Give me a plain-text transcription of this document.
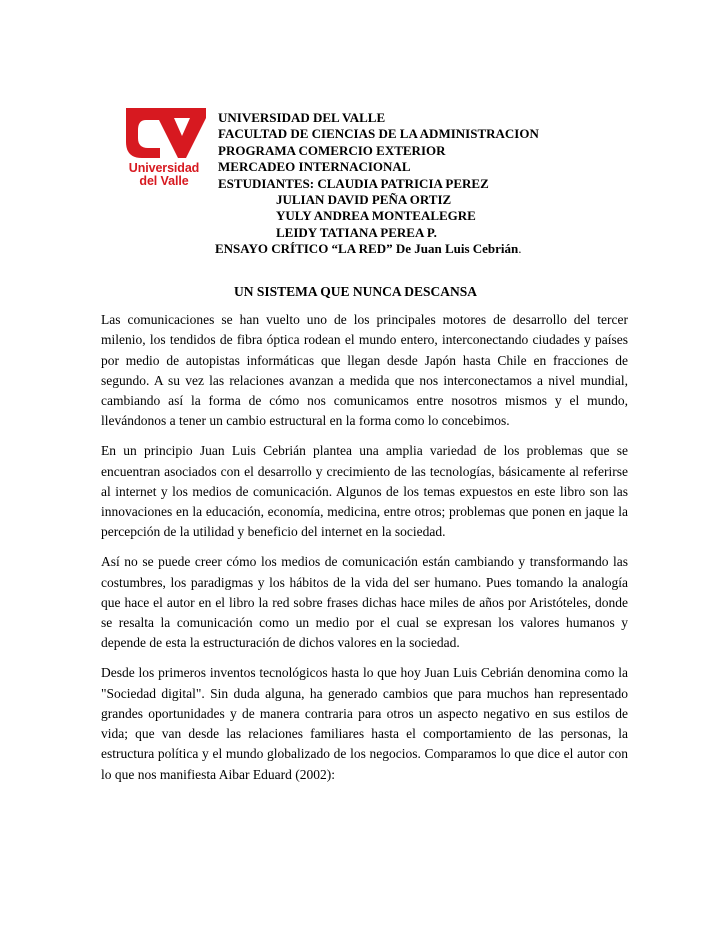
Universidad
del Valle
UNIVERSIDAD DEL VALLE
FACULTAD DE CIENCIAS DE LA ADMINISTRACION
PROGRAMA COMERCIO EXTERIOR
MERCADEO INTERNACIONAL
ESTUDIANTES: CLAUDIA PATRICIA PEREZ
JULIAN DAVID PEÑA ORTIZ
YULY ANDREA MONTEALEGRE
LEIDY TATIANA PEREA P.
ENSAYO CRÍTICO “LA RED” De Juan Luis Cebrián.
UN SISTEMA QUE NUNCA DESCANSA

Las comunicaciones se han vuelto uno de los principales motores de desarrollo del tercer milenio, los tendidos de fibra óptica rodean el mundo entero, interconectando ciudades y países por medio de autopistas informáticas que llegan desde Japón hasta Chile en fracciones de segundo. A su vez las relaciones avanzan a medida que nos interconectamos a nivel mundial, cambiando así la forma de cómo nos comunicamos entre nosotros mismos y el mundo, llevándonos a tener un cambio estructural en la forma como lo concebimos.

En un principio Juan Luis Cebrián plantea una amplia variedad de los problemas que se encuentran asociados con el desarrollo y crecimiento de las tecnologías, básicamente al referirse al internet y los medios de comunicación. Algunos de los temas expuestos en este libro son las innovaciones en la educación, economía, medicina, entre otros; problemas que ponen en jaque la percepción de la utilidad y beneficio del internet en la sociedad.

Así no se puede creer cómo los medios de comunicación están cambiando y transformando las costumbres, los paradigmas y los hábitos de la vida del ser humano. Pues tomando la analogía que hace el autor en el libro la red sobre frases dichas hace miles de años por Aristóteles, donde se resalta la comunicación como un medio por el cual se expresan los valores humanos y depende de esta la estructuración de dichos valores en la sociedad.

Desde los primeros inventos tecnológicos hasta lo que hoy Juan Luis Cebrián denomina como la "Sociedad digital". Sin duda alguna, ha generado cambios que para muchos han representado grandes oportunidades y de manera contraria para otros un aspecto negativo en sus estilos de vida; que van desde las relaciones familiares hasta el comportamiento de las personas, la estructura política y el mundo globalizado de los negocios. Comparamos lo que dice el autor con lo que nos manifiesta Aibar Eduard (2002):
